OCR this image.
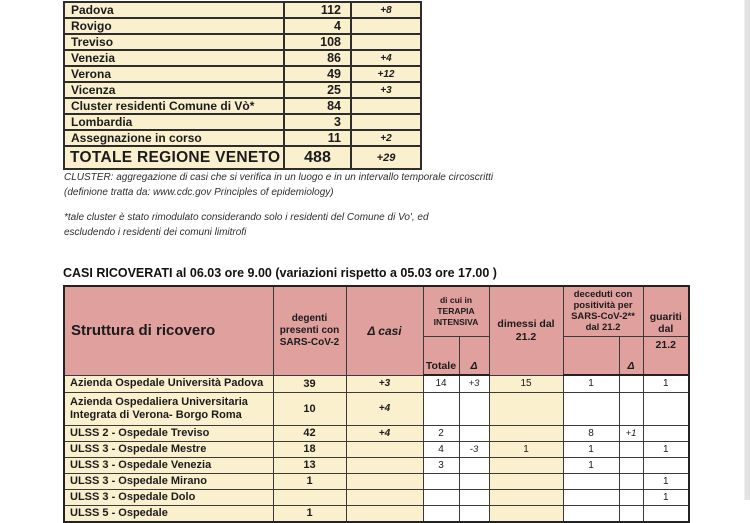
Padova	112	+8
Rovigo	4	
Treviso	108	
Venezia	86	+4
Verona	49	+12
Vicenza	25	+3
Cluster residenti Comune di Vò*	84	
Lombardia	3	
Assegnazione in corso	11	+2
TOTALE REGIONE VENETO	488	+29
CLUSTER: aggregazione di casi che si verifica in un luogo e in un intervallo temporale circoscritti
(definione tratta da: www.cdc.gov Principles of epidemiology)
*tale cluster è stato rimodulato considerando solo i residenti del Comune di Vo', ed
escludendo i residenti dei comuni limitrofi
CASI RICOVERATI al 06.03 ore 9.00 (variazioni rispetto a 05.03 ore 17.00 )
Struttura di ricovero	degenti presenti con SARS-CoV-2	Δ casi	di cui in TERAPIA INTENSIVA		dimessi dal 21.2	deceduti con positività per SARS-CoV-2** dal 21.2		guariti dal
			Totale	Δ			Δ	21.2
Azienda Ospedale Università Padova	39	+3	14	+3	15	1		1
Azienda Ospedaliera Universitaria Integrata di Verona- Borgo Roma	10	+4						
ULSS 2 - Ospedale Treviso	42	+4	2			8	+1	
ULSS 3 - Ospedale Mestre	18		4	-3	1	1		1
ULSS 3 - Ospedale Venezia	13		3			1		
ULSS 3 - Ospedale Mirano	1							1
ULSS 3 - Ospedale Dolo								1
ULSS 5 - Ospedale	1							
